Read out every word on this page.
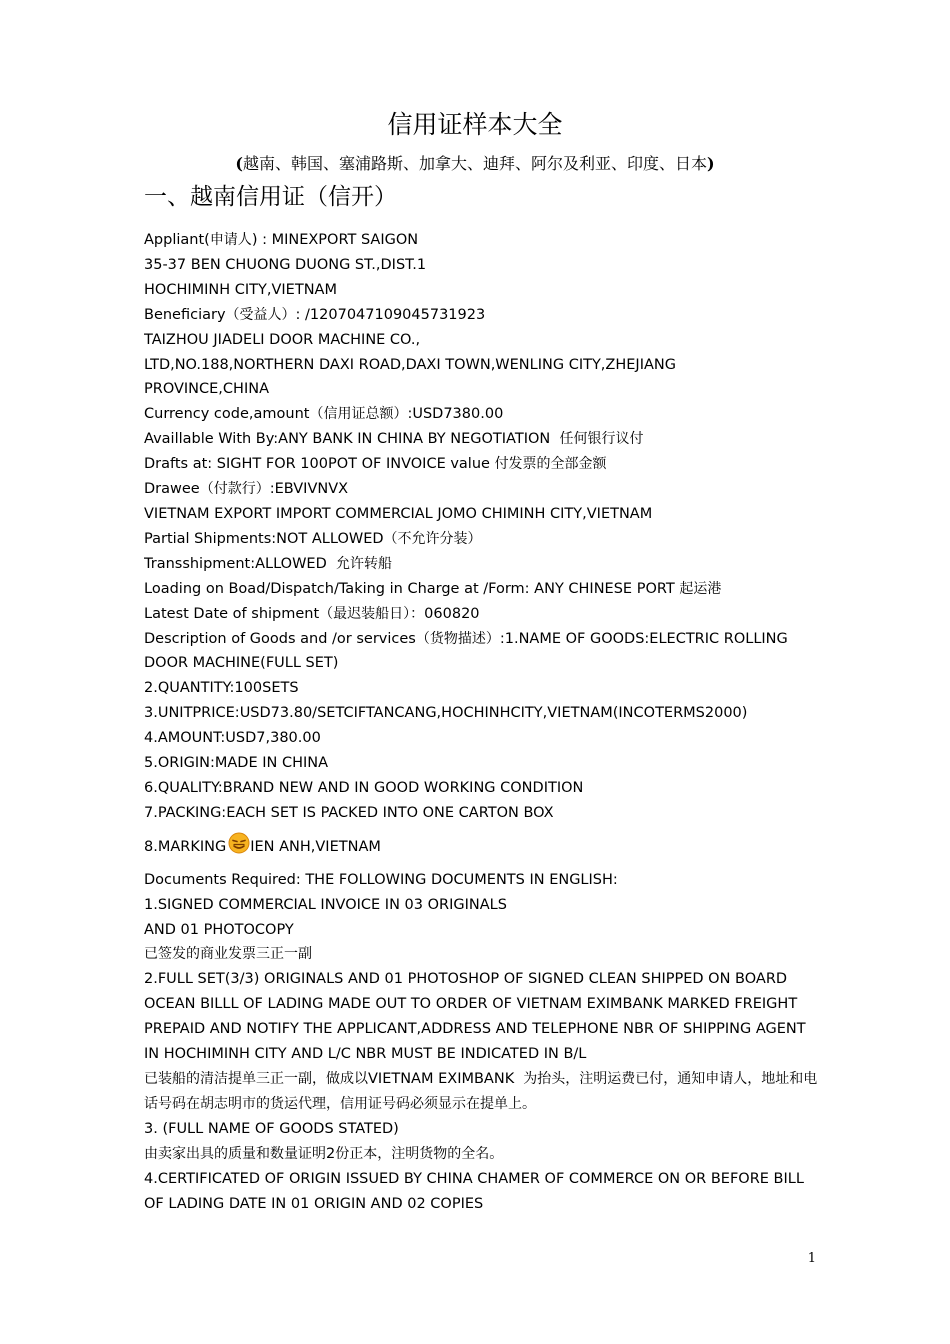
信用证样本大全
(越南、韩国、塞浦路斯、加拿大、迪拜、阿尔及利亚、印度、日本)
一、越南信用证（信开）
Appliant(申请人) : MINEXPORT SAIGON
35-37 BEN CHUONG DUONG ST.,DIST.1
HOCHIMINH CITY,VIETNAM
Beneficiary（受益人）: /1207047109045731923
TAIZHOU JIADELI DOOR MACHINE CO.,
LTD,NO.188,NORTHERN DAXI ROAD,DAXI TOWN,WENLING CITY,ZHEJIANG
PROVINCE,CHINA
Currency code,amount（信用证总额）:USD7380.00
Availlable With By:ANY BANK IN CHINA BY NEGOTIATION  任何银行议付
Drafts at: SIGHT FOR 100POT OF INVOICE value 付发票的全部金额
Drawee（付款行）:EBVIVNVX
VIETNAM EXPORT IMPORT COMMERCIAL JOMO CHIMINH CITY,VIETNAM
Partial Shipments:NOT ALLOWED（不允许分装）
Transshipment:ALLOWED  允许转船
Loading on Boad/Dispatch/Taking in Charge at /Form: ANY CHINESE PORT 起运港
Latest Date of shipment（最迟装船日）：060820
Description of Goods and /or services（货物描述）:1.NAME OF GOODS:ELECTRIC ROLLING DOOR MACHINE(FULL SET)
2.QUANTITY:100SETS
3.UNITPRICE:USD73.80/SETCIFTANCANG,HOCHINHCITY,VIETNAM(INCOTERMS2000)
4.AMOUNT:USD7,380.00
5.ORIGIN:MADE IN CHINA
6.QUALITY:BRAND NEW AND IN GOOD WORKING CONDITION
7.PACKING:EACH SET IS PACKED INTO ONE CARTON BOX
8.MARKING IEN ANH,VIETNAM
Documents Required: THE FOLLOWING DOCUMENTS IN ENGLISH:
1.SIGNED COMMERCIAL INVOICE IN 03 ORIGINALS
AND 01 PHOTOCOPY
已签发的商业发票三正一副
2.FULL SET(3/3) ORIGINALS AND 01 PHOTOSHOP OF SIGNED CLEAN SHIPPED ON BOARD OCEAN BILLL OF LADING MADE OUT TO ORDER OF VIETNAM EXIMBANK MARKED FREIGHT PREPAID AND NOTIFY THE APPLICANT,ADDRESS AND TELEPHONE NBR OF SHIPPING AGENT IN HOCHIMINH CITY AND L/C NBR MUST BE INDICATED IN B/L
已装船的清洁提单三正一副，做成以VIETNAM EXIMBANK  为抬头，注明运费已付，通知申请人，地址和电话号码在胡志明市的货运代理，信用证号码必须显示在提单上。
3. (FULL NAME OF GOODS STATED)
由卖家出具的质量和数量证明2份正本，注明货物的全名。
4.CERTIFICATED OF ORIGIN ISSUED BY CHINA CHAMER OF COMMERCE ON OR BEFORE BILL OF LADING DATE IN 01 ORIGIN AND 02 COPIES
1
